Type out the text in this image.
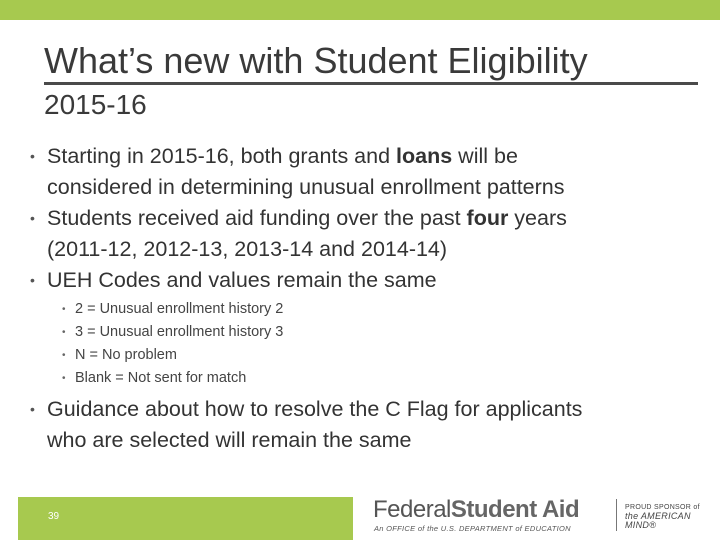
What’s new with Student Eligibility
2015-16
• Starting in 2015-16, both grants and loans will be
considered in determining unusual enrollment patterns
• Students received aid funding over the past four years
(2011-12, 2012-13, 2013-14 and 2014-14)
• UEH Codes and values remain the same
• 2 = Unusual enrollment history 2
• 3 = Unusual enrollment history 3
• N = No problem
• Blank = Not sent for match
• Guidance about how to resolve the C Flag for applicants
who are selected will remain the same
39	FederalStudent Aid
An OFFICE of the U.S. DEPARTMENT of EDUCATION
PROUD SPONSOR of
the AMERICAN MIND®
